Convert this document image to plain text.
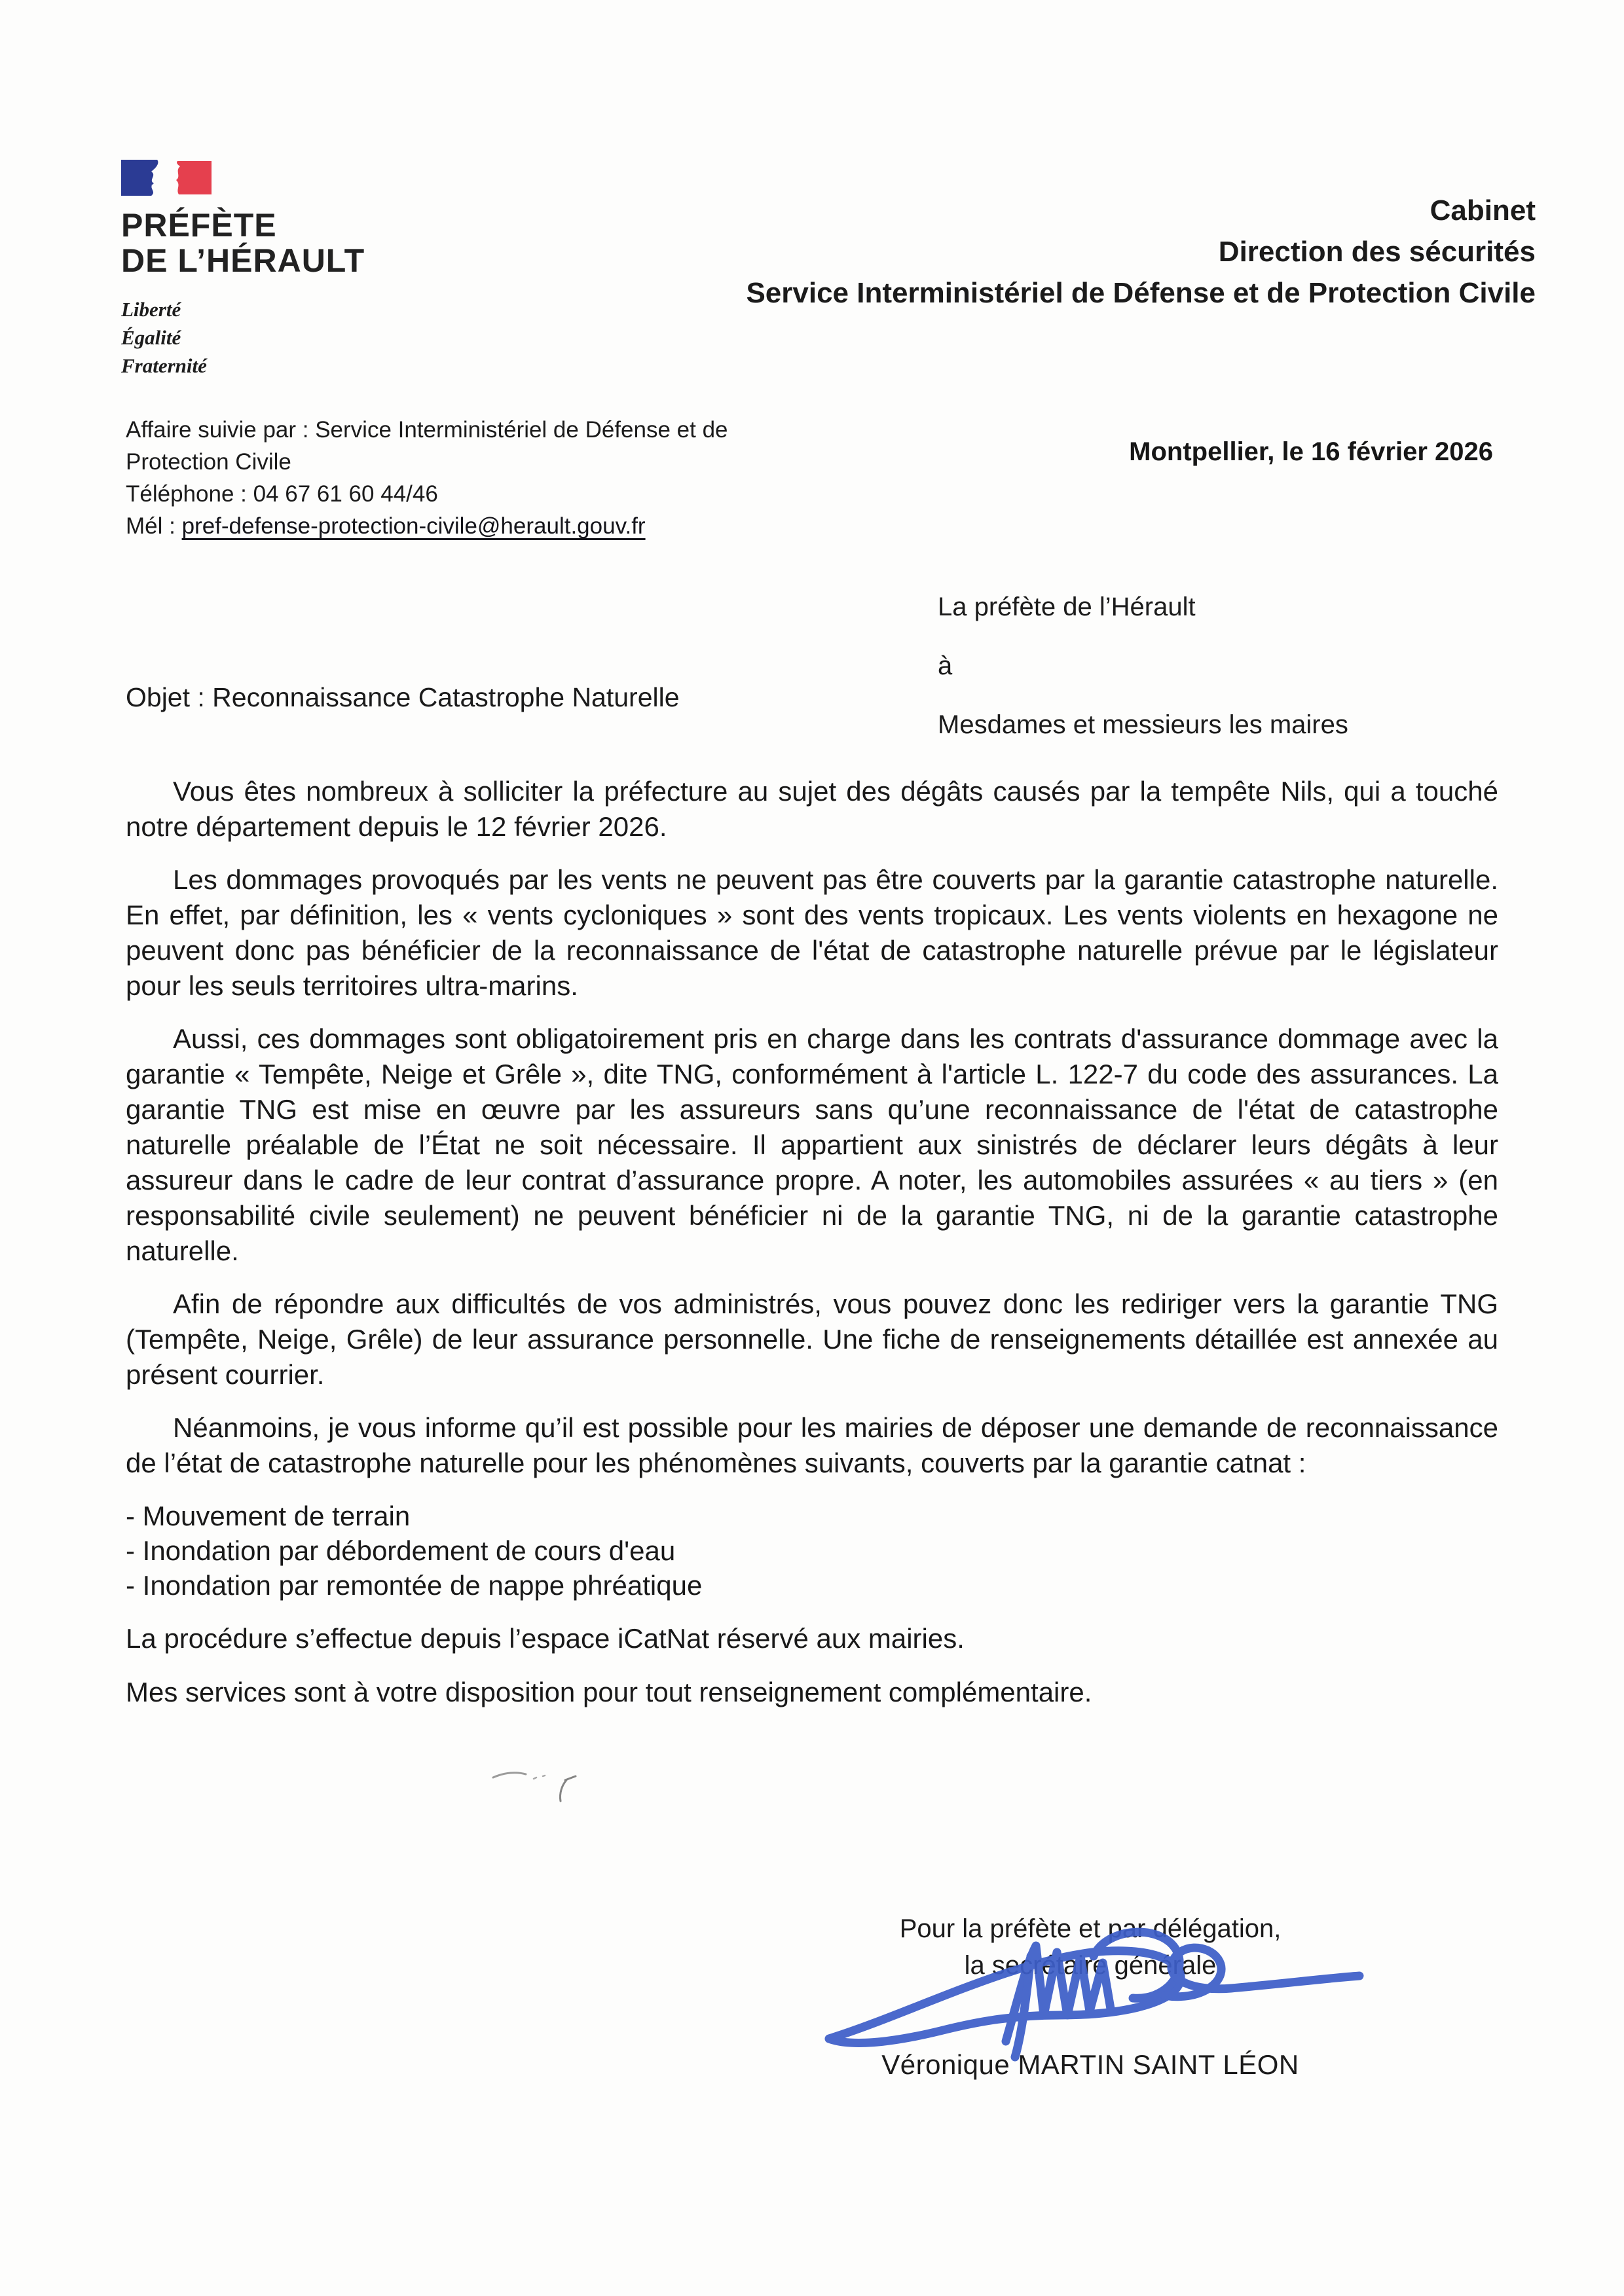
PRÉFÈTE
DE L’HÉRAULT
Liberté
Égalité
Fraternité
Cabinet
Direction des sécurités
Service Interministériel de Défense et de Protection Civile
Affaire suivie par : Service Interministériel de Défense et de
Protection Civile
Téléphone : 04 67 61 60 44/46
Mél : pref-defense-protection-civile@herault.gouv.fr
Montpellier, le 16 février 2026
La préfète de l’Hérault
à
Mesdames et messieurs les maires
Objet : Reconnaissance Catastrophe Naturelle

Vous êtes nombreux à solliciter la préfecture au sujet des dégâts causés par la tempête Nils, qui a touché notre département depuis le 12 février 2026.

Les dommages provoqués par les vents ne peuvent pas être couverts par la garantie catastrophe naturelle. En effet, par définition, les « vents cycloniques » sont des vents tropicaux. Les vents violents en hexagone ne peuvent donc pas bénéficier de la reconnaissance de l'état de catastrophe naturelle prévue par le législateur pour les seuls territoires ultra-marins.

Aussi, ces dommages sont obligatoirement pris en charge dans les contrats d'assurance dommage avec la garantie « Tempête, Neige et Grêle », dite TNG, conformément à l'article L. 122-7 du code des assurances. La garantie TNG est mise en œuvre par les assureurs sans qu’une reconnaissance de l'état de catastrophe naturelle préalable de l’État ne soit nécessaire. Il appartient aux sinistrés de déclarer leurs dégâts à leur assureur dans le cadre de leur contrat d’assurance propre. A noter, les automobiles assurées « au tiers » (en responsabilité civile seulement) ne peuvent bénéficier ni de la garantie TNG, ni de la garantie catastrophe naturelle.

Afin de répondre aux difficultés de vos administrés, vous pouvez donc les rediriger vers la garantie TNG (Tempête, Neige, Grêle) de leur assurance personnelle. Une fiche de renseignements détaillée est annexée au présent courrier.

Néanmoins, je vous informe qu’il est possible pour les mairies de déposer une demande de reconnaissance de l’état de catastrophe naturelle pour les phénomènes suivants, couverts par la garantie catnat :

- Mouvement de terrain
- Inondation par débordement de cours d'eau
- Inondation par remontée de nappe phréatique
La procédure s’effectue depuis l’espace iCatNat réservé aux mairies.
Mes services sont à votre disposition pour tout renseignement complémentaire.
Pour la préfète et par délégation,
la secrétaire générale
Véronique MARTIN SAINT LÉON
